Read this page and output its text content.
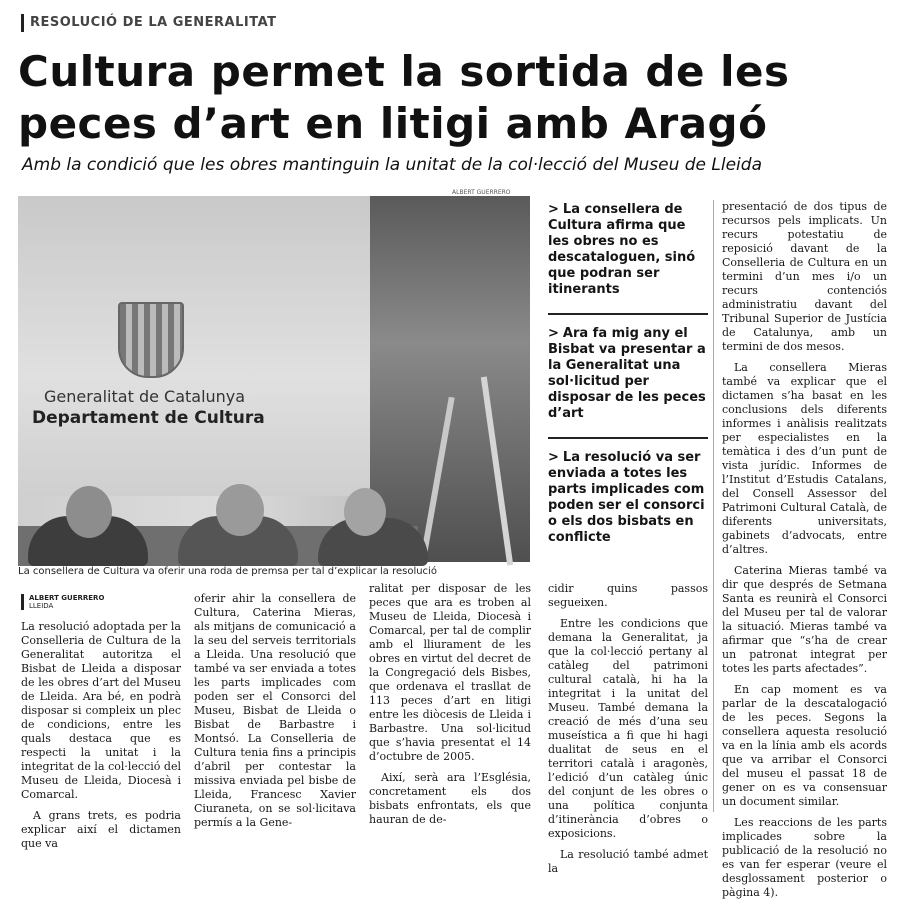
RESOLUCIÓ DE LA GENERALITAT
Cultura permet la sortida de les peces d’art en litigi amb Aragó
Amb la condició que les obres mantinguin la unitat de la col·lecció del Museu de Lleida
ALBERT GUERRERO
Generalitat de Catalunya
Departament de Cultura
La consellera de Cultura va oferir una roda de premsa per tal d’explicar la resolució

> La consellera de Cultura afirma que les obres no es descataloguen, sinó que podran ser itinerants

> Ara fa mig any el Bisbat va presentar a la Generalitat una sol·licitud per disposar de les peces d’art

> La resolució va ser enviada a totes les parts implicades com poden ser el consorci o els dos bisbats en conflicte

ALBERT GUERRERO
LLEIDA

La resolució adoptada per la Conselleria de Cultura de la Generalitat autoritza el Bisbat de Lleida a disposar de les obres d’art del Museu de Lleida. Ara bé, en podrà disposar si compleix un plec de condicions, entre les quals destaca que es respecti la unitat i la integritat de la col·lecció del Museu de Lleida, Diocesà i Comarcal.

A grans trets, es podria explicar així el dictamen que va

oferir ahir la consellera de Cultura, Caterina Mieras, als mitjans de comunicació a la seu del serveis territorials a Lleida. Una resolució que també va ser enviada a totes les parts implicades com poden ser el Consorci del Museu, Bisbat de Lleida o Bisbat de Barbastre i Montsó. La Conselleria de Cultura tenia fins a principis d’abril per contestar la missiva enviada pel bisbe de Lleida, Francesc Xavier Ciuraneta, on se sol·licitava permís a la Gene-

ralitat per disposar de les peces que ara es troben al Museu de Lleida, Diocesà i Comarcal, per tal de complir amb el lliurament de les obres en virtut del decret de la Congregació dels Bisbes, que ordenava el trasllat de 113 peces d’art en litigi entre les diòcesis de Lleida i Barbastre. Una sol·licitud que s’havia presentat el 14 d’octubre de 2005.

Així, serà ara l’Església, concretament els dos bisbats enfrontats, els que hauran de de-

cidir quins passos segueixen.

Entre les condicions que demana la Generalitat, ja que la col·lecció pertany al catàleg del patrimoni cultural català, hi ha la integritat i la unitat del Museu. També demana la creació de més d’una seu museística a fi que hi hagi dualitat de seus en el territori català i aragonès, l’edició d’un catàleg únic del conjunt de les obres o una política conjunta d’itinerància d’obres o exposicions.

La resolució també admet la

presentació de dos tipus de recursos pels implicats. Un recurs potestatiu de reposició davant de la Conselleria de Cultura en un termini d’un mes i/o un recurs contenciós administratiu davant del Tribunal Superior de Justícia de Catalunya, amb un termini de dos mesos.

La consellera Mieras també va explicar que el dictamen s’ha basat en les conclusions dels diferents informes i anàlisis realitzats per especialistes en la temàtica i des d’un punt de vista jurídic. Informes de l’Institut d’Estudis Catalans, del Consell Assessor del Patrimoni Cultural Català, de diferents universitats, gabinets d’advocats, entre d’altres.

Caterina Mieras també va dir que després de Setmana Santa es reunirà el Consorci del Museu per tal de valorar la situació. Mieras també va afirmar que “s’ha de crear un patronat integrat per totes les parts afectades”.

En cap moment es va parlar de la descatalogació de les peces. Segons la consellera aquesta resolució va en la línia amb els acords que va arribar el Consorci del museu el passat 18 de gener on es va consensuar un document similar.

Les reaccions de les parts implicades sobre la publicació de la resolució no es van fer esperar (veure el desglossament posterior o pàgina 4).
